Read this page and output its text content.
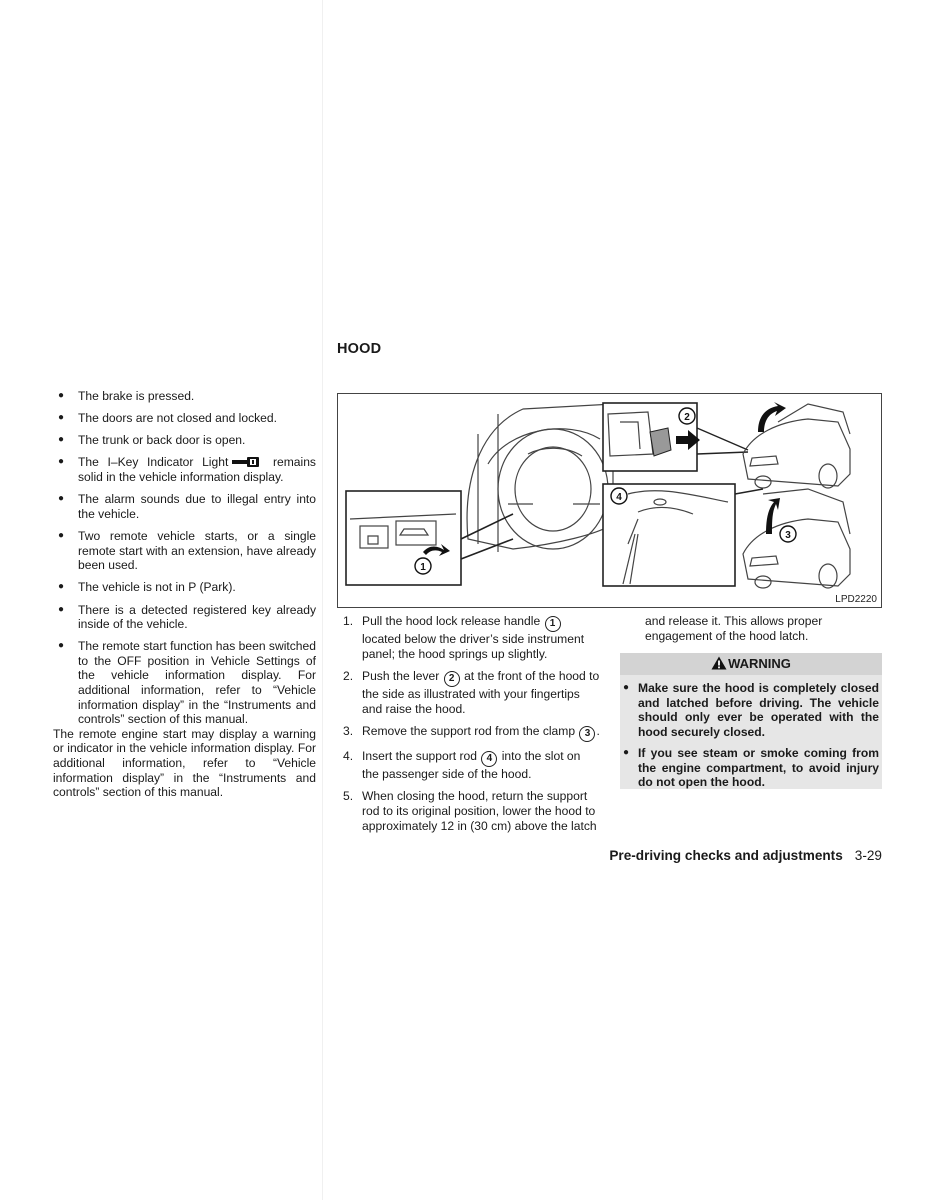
● The brake is pressed.
● The doors are not closed and locked.
● The trunk or back door is open.
● The I–Key Indicator Light	remains solid in the vehicle information display.
● The alarm sounds due to illegal entry into the vehicle.
● Two remote vehicle starts, or a single remote start with an extension, have already been used.
● The vehicle is not in P (Park).
● There is a detected registered key already inside of the vehicle.
● The remote start function has been switched to the OFF position in Vehicle Settings of the vehicle information display. For additional information, refer to “Vehicle information display” in the “Instruments and controls” section of this manual.

The remote engine start may display a warning or indicator in the vehicle information display. For additional information, refer to “Vehicle information display” in the “Instruments and controls” section of this manual.

HOOD
1
2
4
3
LPD2220
1. Pull the hood lock release handle 1 located below the driver’s side instrument panel; the hood springs up slightly.
2. Push the lever 2 at the front of the hood to the side as illustrated with your fingertips and raise the hood.
3. Remove the support rod from the clamp 3 .
4. Insert the support rod 4 into the slot on the passenger side of the hood.
5. When closing the hood, return the support rod to its original position, lower the hood to approximately 12 in (30 cm) above the latch

and release it. This allows proper engagement of the hood latch.

WARNING
● Make sure the hood is completely closed and latched before driving. The vehicle should only ever be operated with the hood securely closed.
● If you see steam or smoke coming from the engine compartment, to avoid injury do not open the hood.
Pre-driving checks and adjustments 3-29
